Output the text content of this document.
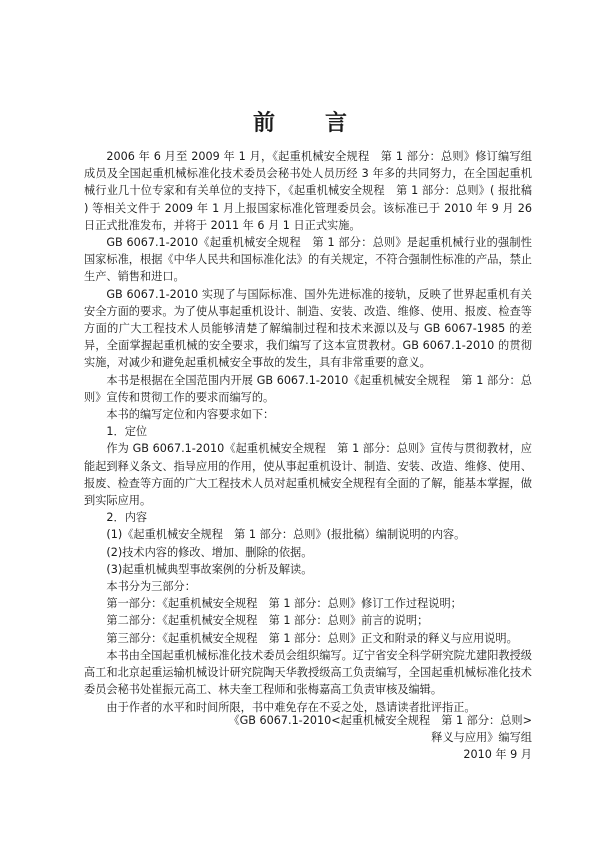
前　言

2006 年 6 月至 2009 年 1 月，《起重机械安全规程　第 1 部分：总则》修订编写组成员及全国起重机械标准化技术委员会秘书处人员历经 3 年多的共同努力，在全国起重机械行业几十位专家和有关单位的支持下，《起重机械安全规程　第 1 部分：总则》( 报批稿 ) 等相关文件于 2009 年 1 月上报国家标准化管理委员会。该标准已于 2010 年 9 月 26 日正式批准发布，并将于 2011 年 6 月 1 日正式实施。

GB 6067.1-2010《起重机械安全规程　第 1 部分：总则》是起重机械行业的强制性国家标准，根据《中华人民共和国标准化法》的有关规定，不符合强制性标准的产品，禁止生产、销售和进口。

GB 6067.1-2010 实现了与国际标准、国外先进标准的接轨，反映了世界起重机有关安全方面的要求。为了使从事起重机设计、制造、安装、改造、维修、使用、报废、检查等方面的广大工程技术人员能够清楚了解编制过程和技术来源以及与 GB 6067-1985 的差异，全面掌握起重机械的安全要求，我们编写了这本宣贯教材。GB 6067.1-2010 的贯彻实施，对减少和避免起重机械安全事故的发生，具有非常重要的意义。

本书是根据在全国范围内开展 GB 6067.1-2010《起重机械安全规程　第 1 部分：总则》宣传和贯彻工作的要求而编写的。

本书的编写定位和内容要求如下：

1．定位

作为 GB 6067.1-2010《起重机械安全规程　第 1 部分：总则》宣传与贯彻教材，应能起到释义条文、指导应用的作用，使从事起重机设计、制造、安装、改造、维修、使用、报废、检查等方面的广大工程技术人员对起重机械安全规程有全面的了解，能基本掌握，做到实际应用。

2．内容

(1)《起重机械安全规程　第 1 部分：总则》(报批稿）编制说明的内容。

(2)技术内容的修改、增加、删除的依据。

(3)起重机械典型事故案例的分析及解读。

本书分为三部分：

第一部分：《起重机械安全规程　第 1 部分：总则》修订工作过程说明；

第二部分：《起重机械安全规程　第 1 部分：总则》前言的说明；

第三部分：《起重机械安全规程　第 1 部分：总则》正文和附录的释义与应用说明。

本书由全国起重机械标准化技术委员会组织编写。辽宁省安全科学研究院尤建阳教授级高工和北京起重运输机械设计研究院陶天华教授级高工负责编写，全国起重机械标准化技术委员会秘书处崔振元高工、林夫奎工程师和张梅嘉高工负责审核及编辑。

由于作者的水平和时间所限，书中难免存在不妥之处，恳请读者批评指正。

《GB 6067.1-2010<起重机械安全规程　第 1 部分：总则>
释义与应用》编写组
2010 年 9 月
